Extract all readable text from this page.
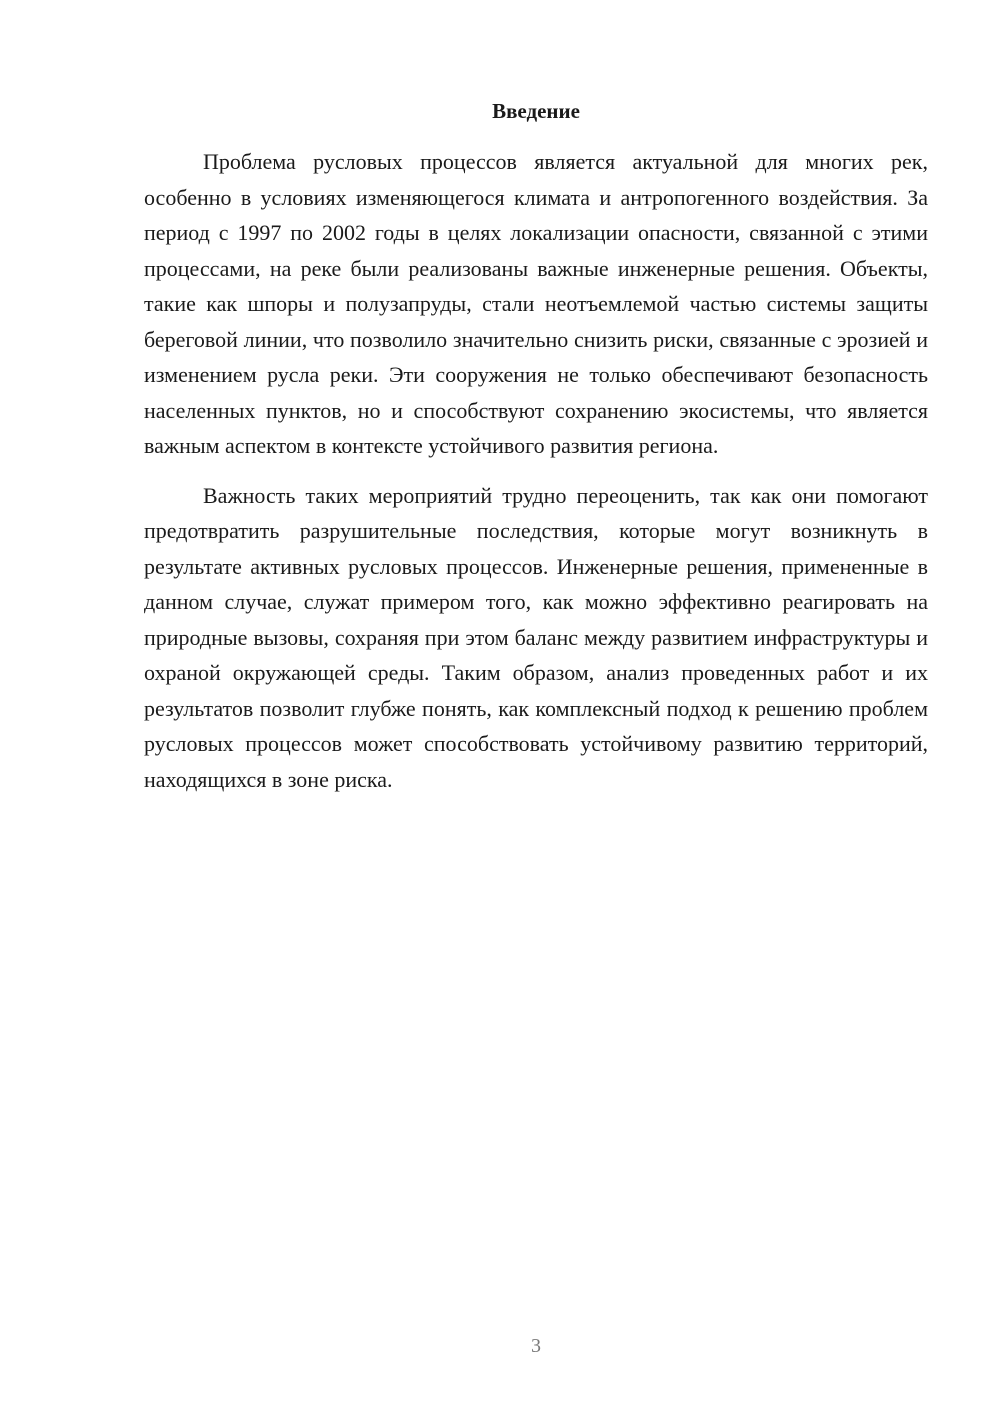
Введение

Проблема русловых процессов является актуальной для многих рек, особенно в условиях изменяющегося климата и антропогенного воздействия. За период с 1997 по 2002 годы в целях локализации опасности, связанной с этими процессами, на реке были реализованы важные инженерные решения. Объекты, такие как шпоры и полузапруды, стали неотъемлемой частью системы защиты береговой линии, что позволило значительно снизить риски, связанные с эрозией и изменением русла реки. Эти сооружения не только обеспечивают безопасность населенных пунктов, но и способствуют сохранению экосистемы, что является важным аспектом в контексте устойчивого развития региона.

Важность таких мероприятий трудно переоценить, так как они помогают предотвратить разрушительные последствия, которые могут возникнуть в результате активных русловых процессов. Инженерные решения, примененные в данном случае, служат примером того, как можно эффективно реагировать на природные вызовы, сохраняя при этом баланс между развитием инфраструктуры и охраной окружающей среды. Таким образом, анализ проведенных работ и их результатов позволит глубже понять, как комплексный подход к решению проблем русловых процессов может способствовать устойчивому развитию территорий, находящихся в зоне риска.

3
